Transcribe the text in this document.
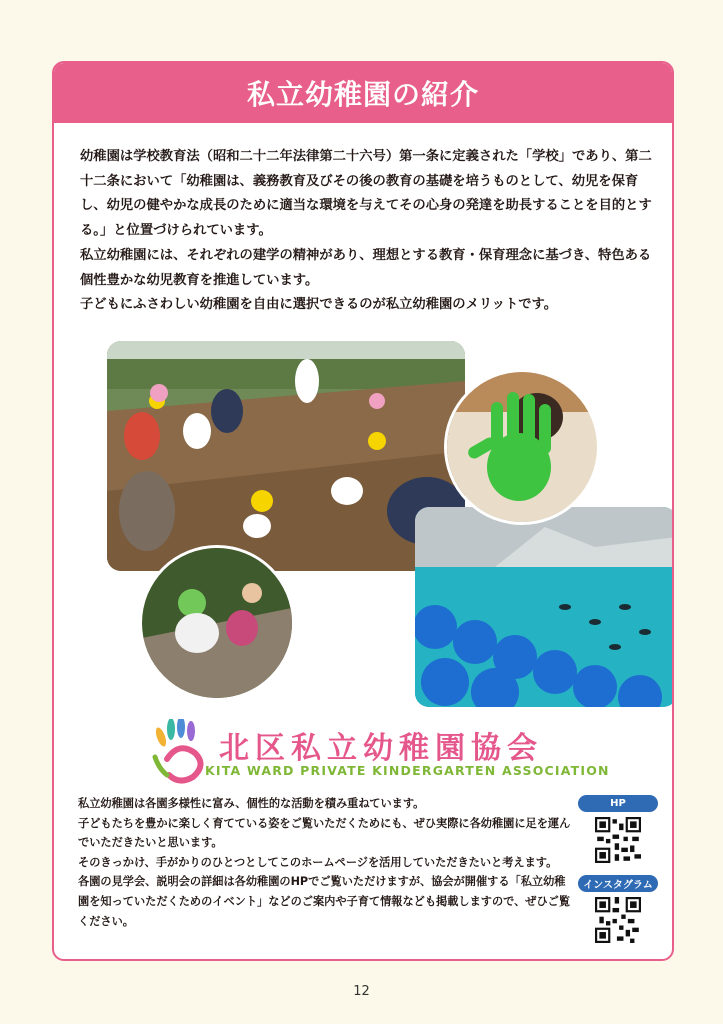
私立幼稚園の紹介

幼稚園は学校教育法（昭和二十二年法律第二十六号）第一条に定義された「学校」であり、第二十二条において「幼稚園は、義務教育及びその後の教育の基礎を培うものとして、幼児を保育し、幼児の健やかな成長のために適当な環境を与えてその心身の発達を助長することを目的とする。」と位置づけられています。

私立幼稚園には、それぞれの建学の精神があり、理想とする教育・保育理念に基づき、特色ある個性豊かな幼児教育を推進しています。

子どもにふさわしい幼稚園を自由に選択できるのが私立幼稚園のメリットです。

北区私立幼稚園協会
KITA WARD PRIVATE KINDERGARTEN ASSOCIATION

私立幼稚園は各園多様性に富み、個性的な活動を積み重ねています。

子どもたちを豊かに楽しく育てている姿をご覧いただくためにも、ぜひ実際に各幼稚園に足を運んでいただきたいと思います。

そのきっかけ、手がかりのひとつとしてこのホームページを活用していただきたいと考えます。

各園の見学会、説明会の詳細は各幼稚園のHPでご覧いただけますが、協会が開催する「私立幼稚園を知っていただくためのイベント」などのご案内や子育て情報なども掲載しますので、ぜひご覧ください。

HP
インスタグラム
12
